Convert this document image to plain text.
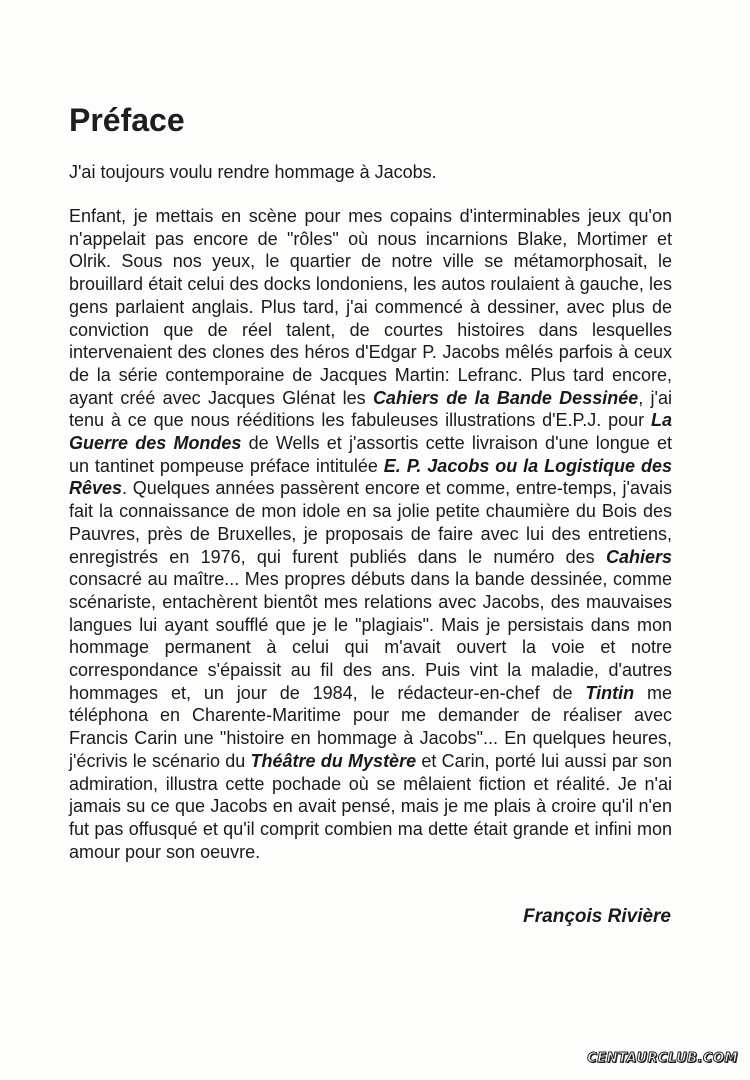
Préface

J'ai toujours voulu rendre hommage à Jacobs.

Enfant, je mettais en scène pour mes copains d'interminables jeux qu'on n'appelait pas encore de "rôles" où nous incarnions Blake, Mortimer et Olrik. Sous nos yeux, le quartier de notre ville se métamorphosait, le brouillard était celui des docks londoniens, les autos roulaient à gauche, les gens parlaient anglais. Plus tard, j'ai commencé à dessiner, avec plus de conviction que de réel talent, de courtes histoires dans lesquelles intervenaient des clones des héros d'Edgar P. Jacobs mêlés parfois à ceux de la série contemporaine de Jacques Martin: Lefranc. Plus tard encore, ayant créé avec Jacques Glénat les Cahiers de la Bande Dessinée, j'ai tenu à ce que nous rééditions les fabuleuses illustrations d'E.P.J. pour La Guerre des Mondes de Wells et j'assortis cette livraison d'une longue et un tantinet pompeuse préface intitulée E. P. Jacobs ou la Logistique des Rêves. Quelques années passèrent encore et comme, entre-temps, j'avais fait la connaissance de mon idole en sa jolie petite chaumière du Bois des Pauvres, près de Bruxelles, je proposais de faire avec lui des entretiens, enregistrés en 1976, qui furent publiés dans le numéro des Cahiers consacré au maître... Mes propres débuts dans la bande dessinée, comme scénariste, entachèrent bientôt mes relations avec Jacobs, des mauvaises langues lui ayant soufflé que je le "plagiais". Mais je persistais dans mon hommage permanent à celui qui m'avait ouvert la voie et notre correspondance s'épaissit au fil des ans. Puis vint la maladie, d'autres hommages et, un jour de 1984, le rédacteur-en-chef de Tintin me téléphona en Charente-Maritime pour me demander de réaliser avec Francis Carin une "histoire en hommage à Jacobs"... En quelques heures, j'écrivis le scénario du Théâtre du Mystère et Carin, porté lui aussi par son admiration, illustra cette pochade où se mêlaient fiction et réalité. Je n'ai jamais su ce que Jacobs en avait pensé, mais je me plais à croire qu'il n'en fut pas offusqué et qu'il comprit combien ma dette était grande et infini mon amour pour son oeuvre.

François Rivière

CENTAURCLUB.COM
